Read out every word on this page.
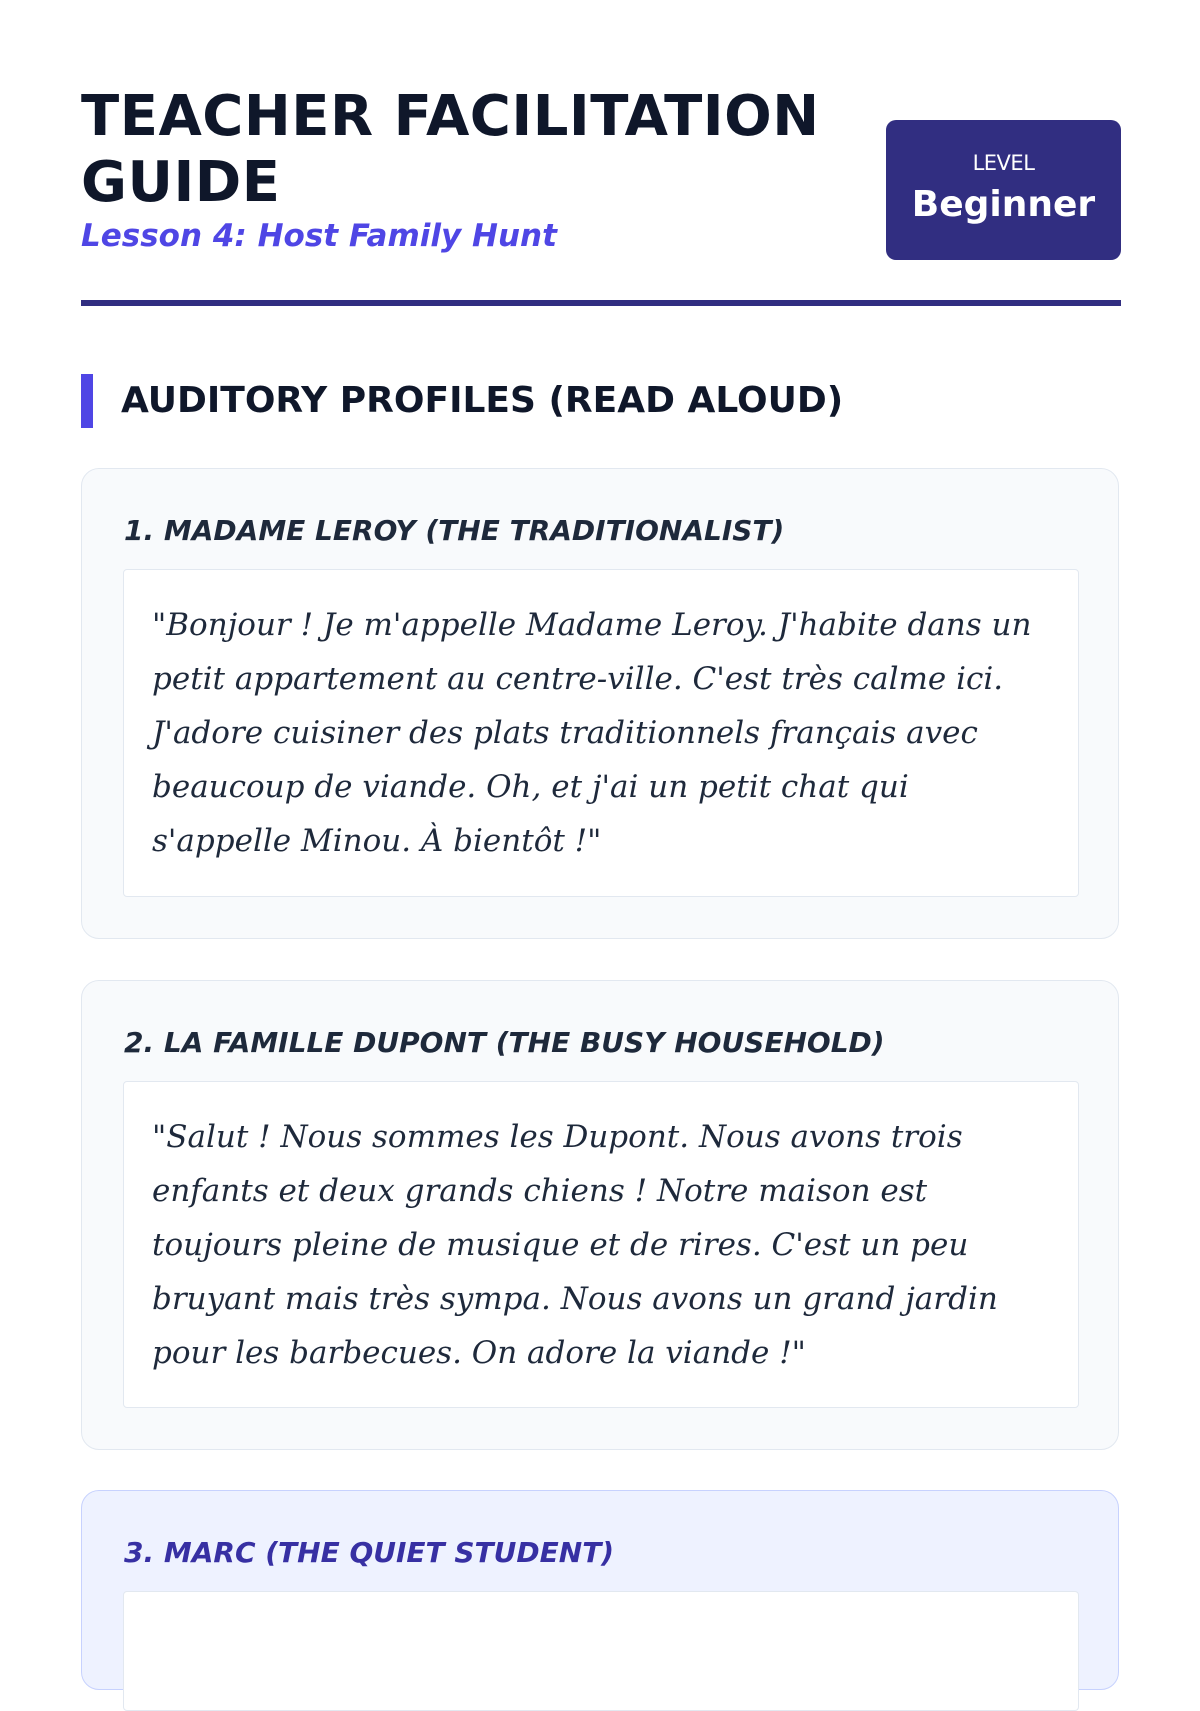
TEACHER FACILITATION GUIDE

Lesson 4: Host Family Hunt

LEVEL
Beginner
AUDITORY PROFILES (READ ALOUD)
1. MADAME LEROY (THE TRADITIONALIST)

"Bonjour ! Je m'appelle Madame Leroy. J'habite dans un petit appartement au centre-ville. C'est très calme ici. J'adore cuisiner des plats traditionnels français avec beaucoup de viande. Oh, et j'ai un petit chat qui s'appelle Minou. À bientôt !"

2. LA FAMILLE DUPONT (THE BUSY HOUSEHOLD)

"Salut ! Nous sommes les Dupont. Nous avons trois enfants et deux grands chiens ! Notre maison est toujours pleine de musique et de rires. C'est un peu bruyant mais très sympa. Nous avons un grand jardin pour les barbecues. On adore la viande !"

3. MARC (THE QUIET STUDENT)
